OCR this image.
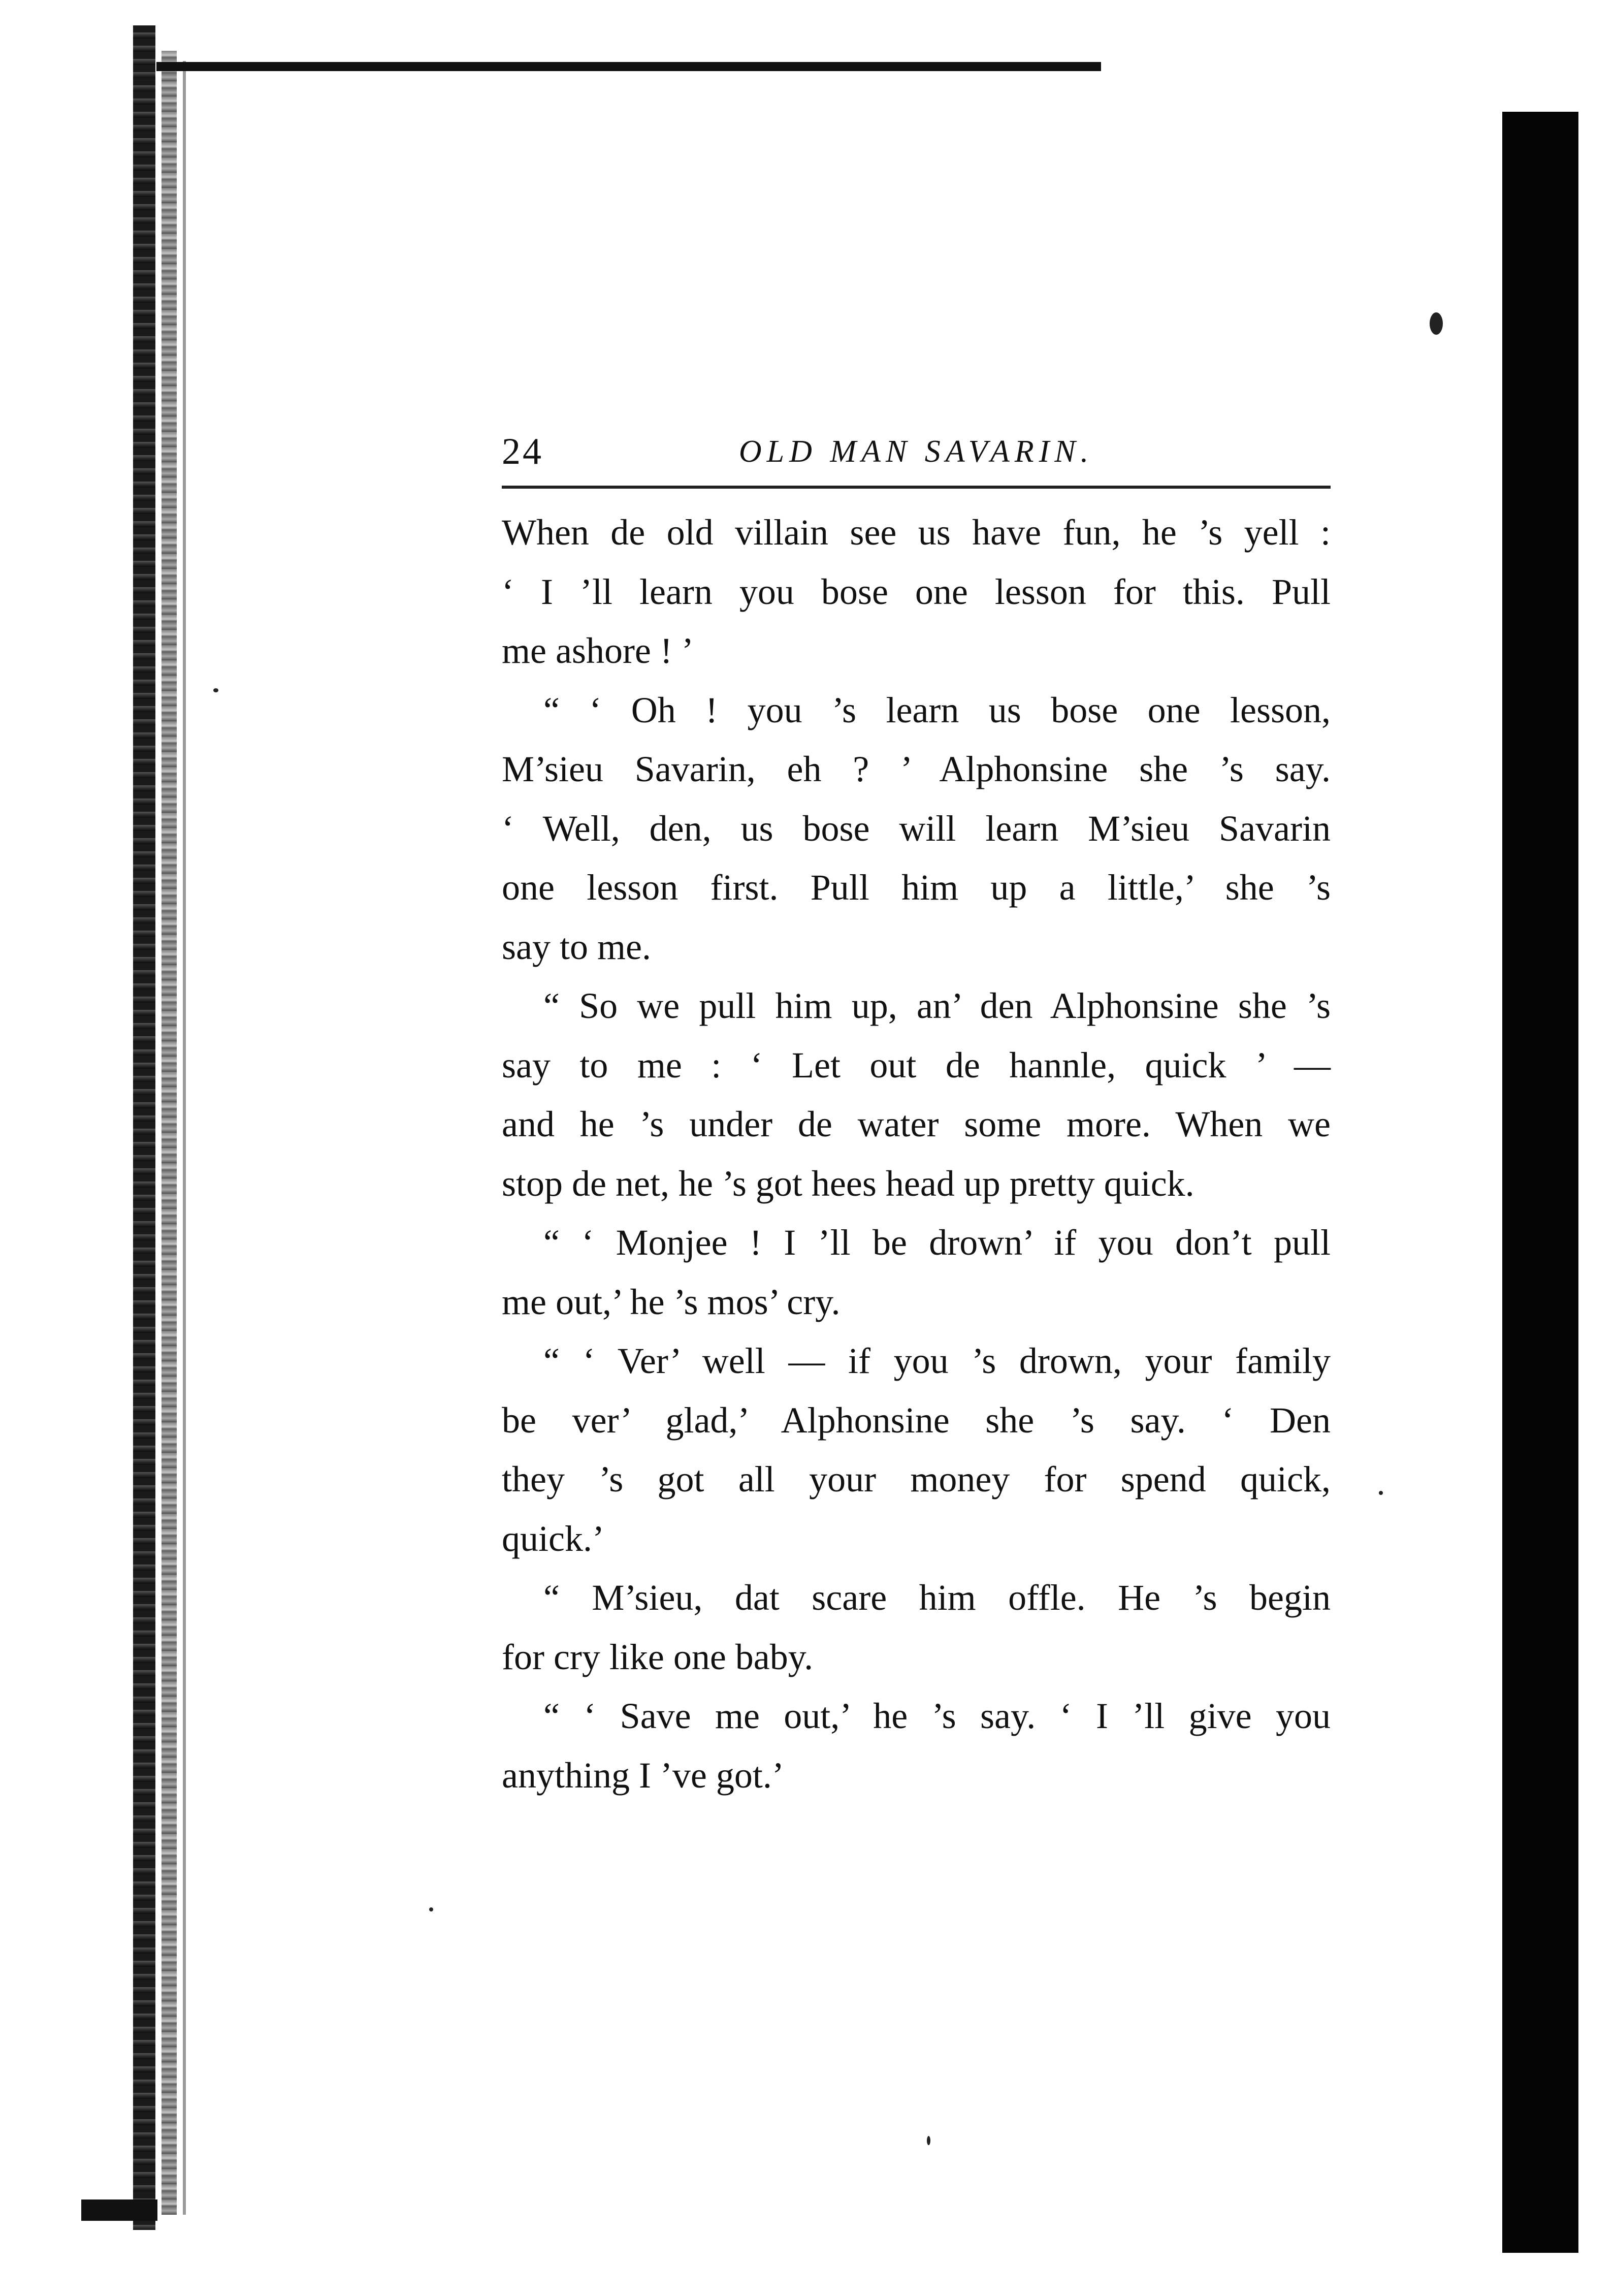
24	OLD MAN SAVARIN.
When de old villain see us have fun, he ’s yell :
‘ I ’ll learn you bose one lesson for this. Pull
me ashore ! ’
“ ‘ Oh ! you ’s learn us bose one lesson,
M’sieu Savarin, eh ? ’ Alphonsine she ’s say.
‘ Well, den, us bose will learn M’sieu Savarin
one lesson first. Pull him up a little,’ she ’s
say to me.
“ So we pull him up, an’ den Alphonsine she ’s
say to me : ‘ Let out de hannle, quick ’ —
and he ’s under de water some more. When we
stop de net, he ’s got hees head up pretty quick.
“ ‘ Monjee ! I ’ll be drown’ if you don’t pull
me out,’ he ’s mos’ cry.
“ ‘ Ver’ well — if you ’s drown, your family
be ver’ glad,’ Alphonsine she ’s say. ‘ Den
they ’s got all your money for spend quick,
quick.’
“ M’sieu, dat scare him offle. He ’s begin
for cry like one baby.
“ ‘ Save me out,’ he ’s say. ‘ I ’ll give you
anything I ’ve got.’
